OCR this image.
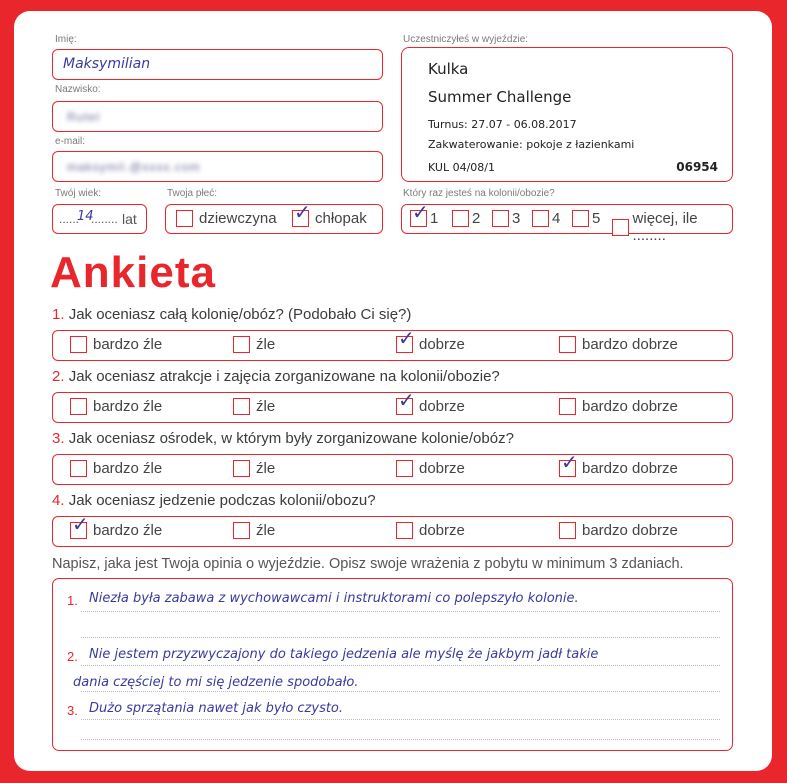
Imię:
Maksymilian
Nazwisko:
Rutel
e-mail:
maksymil.@xxxx.com
Twój wiek:
......
14
........ lat
Twoja płeć:
dziewczyna ✓ chłopak
Uczestniczyłeś w wyjeździe:
Kulka
Summer Challenge
Turnus: 27.07 - 06.08.2017
Zakwaterowanie: pokoje z łazienkami
KUL 04/08/1	06954
Który raz jesteś na kolonii/obozie?
✓ 1 2 3 4 5 więcej, ile ........
Ankieta
1. Jak oceniasz całą kolonię/obóz? (Podobało Ci się?)
bardzo źle	źle	✓ dobrze	bardzo dobrze
2. Jak oceniasz atrakcje i zajęcia zorganizowane na kolonii/obozie?
bardzo źle	źle	✓ dobrze	bardzo dobrze
3. Jak oceniasz ośrodek, w którym były zorganizowane kolonie/obóz?
bardzo źle	źle	dobrze	✓ bardzo dobrze
4. Jak oceniasz jedzenie podczas kolonii/obozu?
✓ bardzo źle	źle	dobrze	bardzo dobrze
Napisz, jaka jest Twoja opinia o wyjeździe. Opisz swoje wrażenia z pobytu w minimum 3 zdaniach.
1. Niezła była zabawa z wychowawcami i instruktorami co polepszyło kolonie.
2. Nie jestem przyzwyczajony do takiego jedzenia ale myślę że jakbym jadł takie
dania częściej to mi się jedzenie spodobało.
3. Dużo sprzątania nawet jak było czysto.
